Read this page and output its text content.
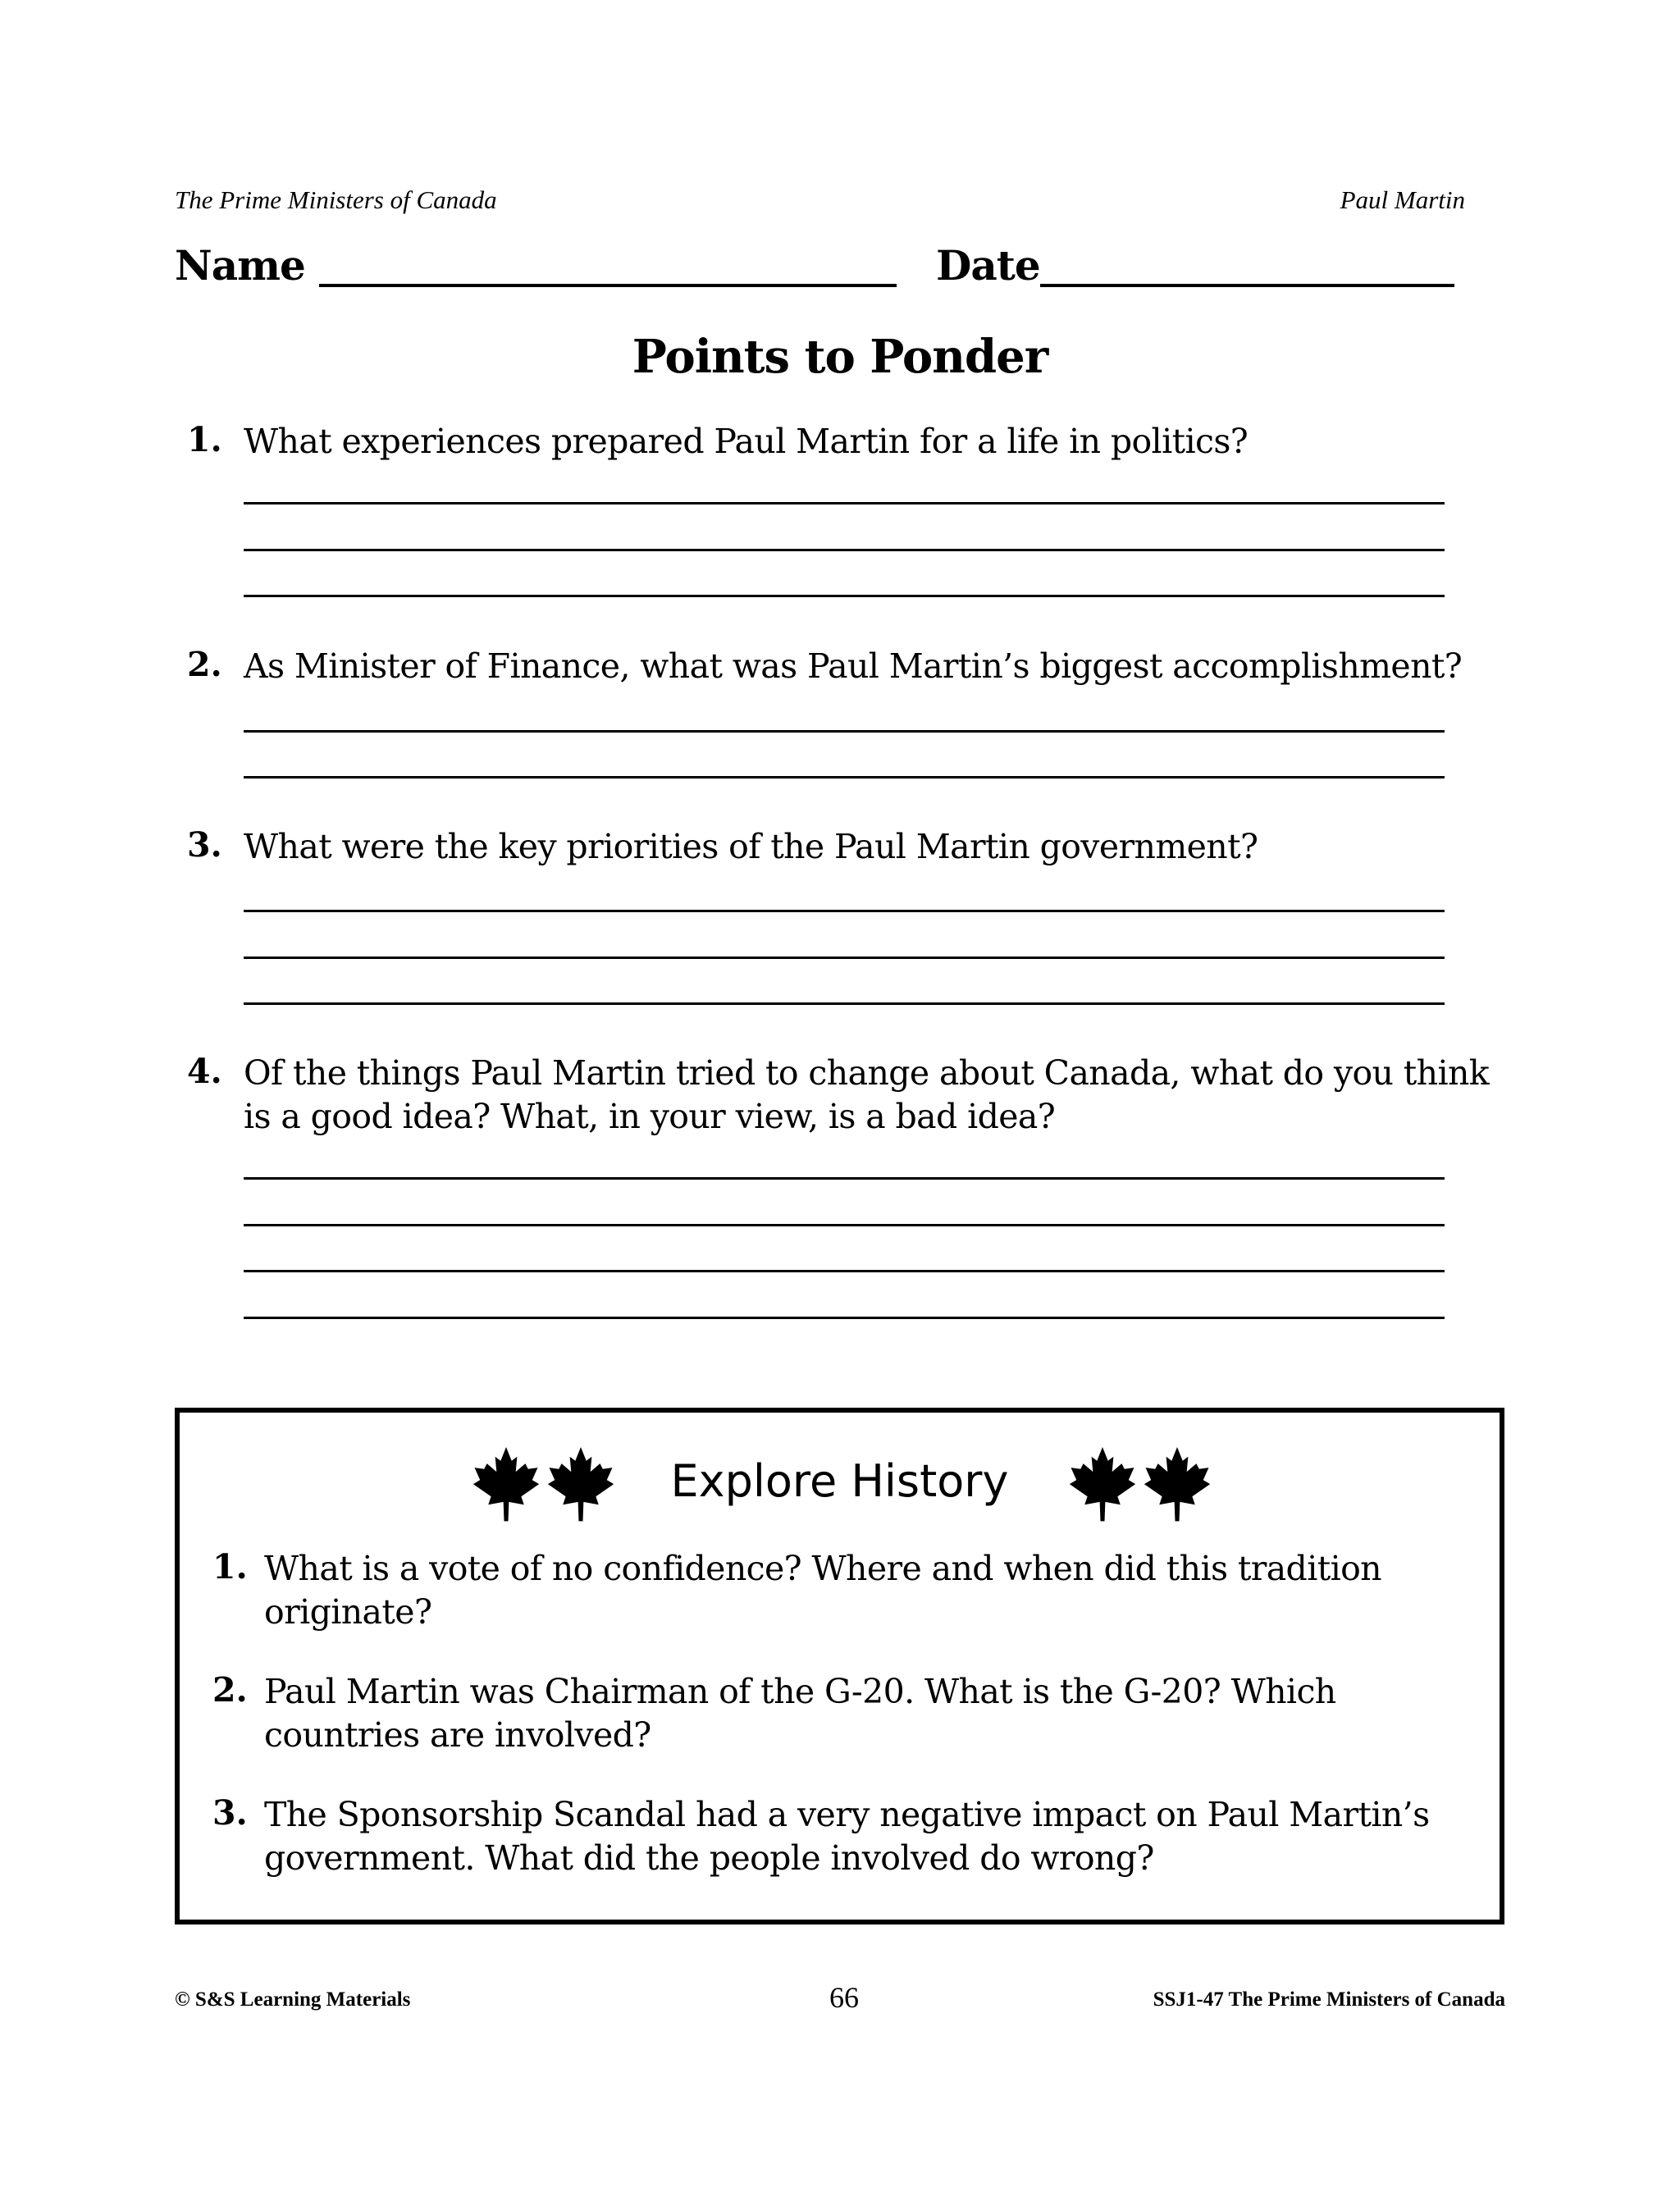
The Prime Ministers of Canada	Paul Martin
Name	Date
Points to Ponder
1. What experiences prepared Paul Martin for a life in politics?
2. As Minister of Finance, what was Paul Martin’s biggest accomplishment?
3. What were the key priorities of the Paul Martin government?
4. Of the things Paul Martin tried to change about Canada, what do you think is a good idea? What, in your view, is a bad idea?
Explore History
1. What is a vote of no confidence? Where and when did this tradition originate?
2. Paul Martin was Chairman of the G-20. What is the G-20? Which countries are involved?
3. The Sponsorship Scandal had a very negative impact on Paul Martin’s government. What did the people involved do wrong?
© S&S Learning Materials	66	SSJ1-47 The Prime Ministers of Canada
